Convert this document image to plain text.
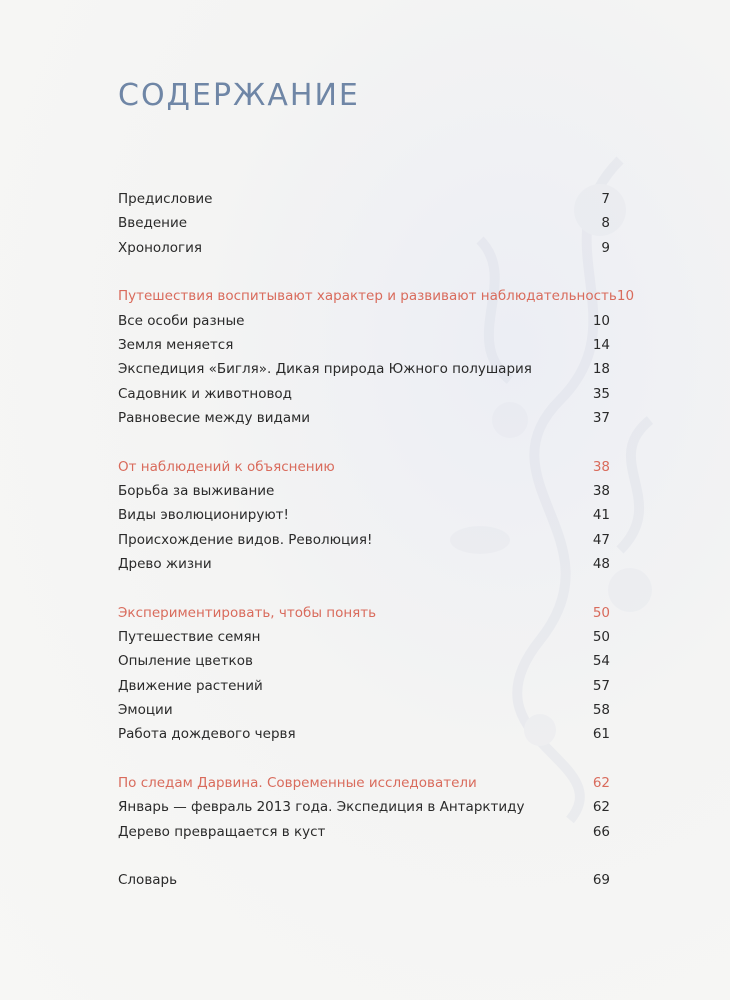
СОДЕРЖАНИЕ
Предисловие	7
Введение	8
Хронология	9
Путешествия воспитывают характер и развивают наблюдательность 10
Все особи разные	10
Земля меняется	14
Экспедиция «Бигля». Дикая природа Южного полушария	18
Садовник и животновод	35
Равновесие между видами	37
От наблюдений к объяснению	38
Борьба за выживание	38
Виды эволюционируют!	41
Происхождение видов. Революция!	47
Древо жизни	48
Экспериментировать, чтобы понять	50
Путешествие семян	50
Опыление цветков	54
Движение растений	57
Эмоции	58
Работа дождевого червя	61
По следам Дарвина. Современные исследователи	62
Январь — февраль 2013 года. Экспедиция в Антарктиду	62
Дерево превращается в куст	66
Словарь	69
